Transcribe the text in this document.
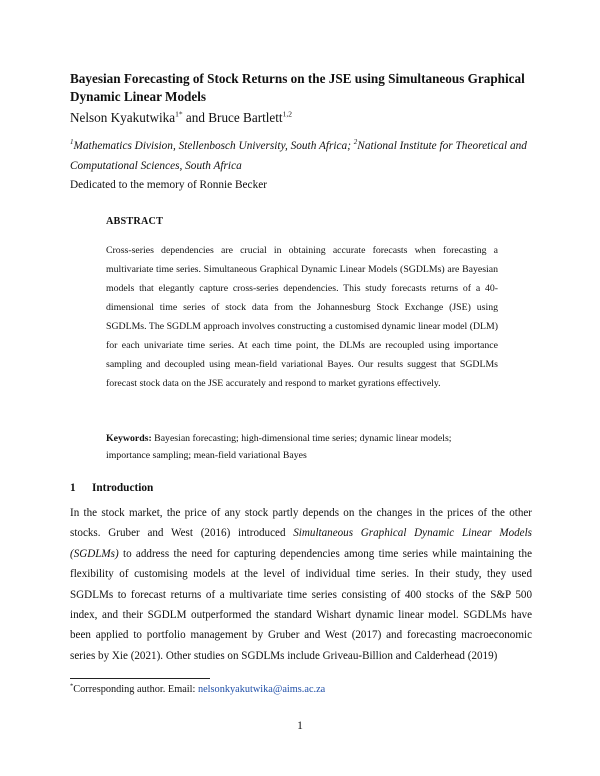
Bayesian Forecasting of Stock Returns on the JSE using Simultaneous Graphical Dynamic Linear Models
Nelson Kyakutwika$^{1*}$ and Bruce Bartlett$^{1,2}$
$^1$Mathematics Division, Stellenbosch University, South Africa; $^2$National Institute for Theoretical and Computational Sciences, South Africa
Dedicated to the memory of Ronnie Becker
ABSTRACT
Cross-series dependencies are crucial in obtaining accurate forecasts when forecasting a multivariate time series. Simultaneous Graphical Dynamic Linear Models (SGDLMs) are Bayesian models that elegantly capture cross-series dependencies. This study forecasts returns of a 40-dimensional time series of stock data from the Johannesburg Stock Exchange (JSE) using SGDLMs. The SGDLM approach involves constructing a customised dynamic linear model (DLM) for each univariate time series. At each time point, the DLMs are recoupled using importance sampling and decoupled using mean-field variational Bayes. Our results suggest that SGDLMs forecast stock data on the JSE accurately and respond to market gyrations effectively.
Keywords: Bayesian forecasting; high-dimensional time series; dynamic linear models; importance sampling; mean-field variational Bayes
1 Introduction

In the stock market, the price of any stock partly depends on the changes in the prices of the other stocks. Gruber and West (2016) introduced Simultaneous Graphical Dynamic Linear Models (SGDLMs) to address the need for capturing dependencies among time series while maintaining the flexibility of customising models at the level of individual time series. In their study, they used SGDLMs to forecast returns of a multivariate time series consisting of 400 stocks of the S&P 500 index, and their SGDLM outperformed the standard Wishart dynamic linear model. SGDLMs have been applied to portfolio management by Gruber and West (2017) and forecasting macroeconomic series by Xie (2021). Other studies on SGDLMs include Griveau-Billion and Calderhead (2019)

*Corresponding author. Email: nelsonkyakutwika@aims.ac.za
1
